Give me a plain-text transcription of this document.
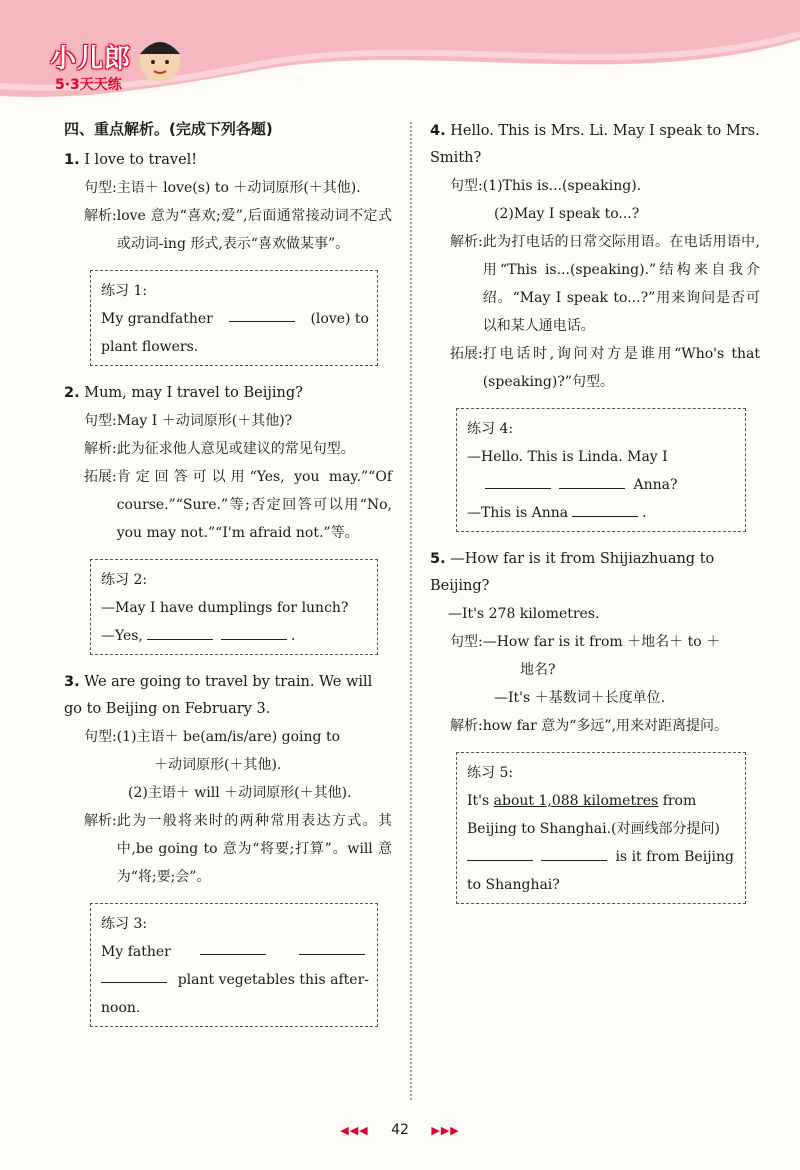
小儿郎
5·3天天练
四、重点解析。(完成下列各题)
1. I love to travel!
句型: 主语＋ love(s) to ＋动词原形(＋其他).
解析: love 意为“喜欢;爱”,后面通常接动词不定式或动词-ing 形式,表示“喜欢做某事”。

练习 1:

My grandfather	(love) to

plant flowers.

2. Mum, may I travel to Beijing?
句型: May I ＋动词原形(＋其他)?
解析: 此为征求他人意见或建议的常见句型。
拓展: 肯定回答可以用“Yes, you may.”“Of course.”“Sure.”等;否定回答可以用“No, you may not.”“I'm afraid not.”等。

练习 2:

—May I have dumplings for lunch?

—Yes,	.

3. We are going to travel by train. We will go to Beijing on February 3.
句型: (1)主语＋ be(am/is/are) going to
＋动词原形(＋其他).
(2)主语＋ will ＋动词原形(＋其他).
解析: 此为一般将来时的两种常用表达方式。其中,be going to 意为“将要;打算”。will 意为“将;要;会”。

练习 3:

My father

plant vegetables this after-

noon.

4. Hello. This is Mrs. Li. May I speak to Mrs. Smith?
句型: (1)This is...(speaking).
(2)May I speak to...?
解析: 此为打电话的日常交际用语。在电话用语中,用“This is...(speaking).”结构来自我介绍。“May I speak to...?”用来询问是否可以和某人通电话。
拓展: 打电话时,询问对方是谁用“Who's that (speaking)?”句型。

练习 4:

—Hello. This is Linda. May I

Anna?

—This is Anna	.

5. —How far is it from Shijiazhuang to Beijing?
—It's 278 kilometres.
句型: —How far is it from ＋地名＋ to ＋
地名?
—It's ＋基数词＋长度单位.
解析: how far 意为“多远”,用来对距离提问。

练习 5:

It's about 1,088 kilometres from Beijing to Shanghai.(对画线部分提问)

is it from Beijing

to Shanghai?

◀◀◀ 42 ▶▶▶
